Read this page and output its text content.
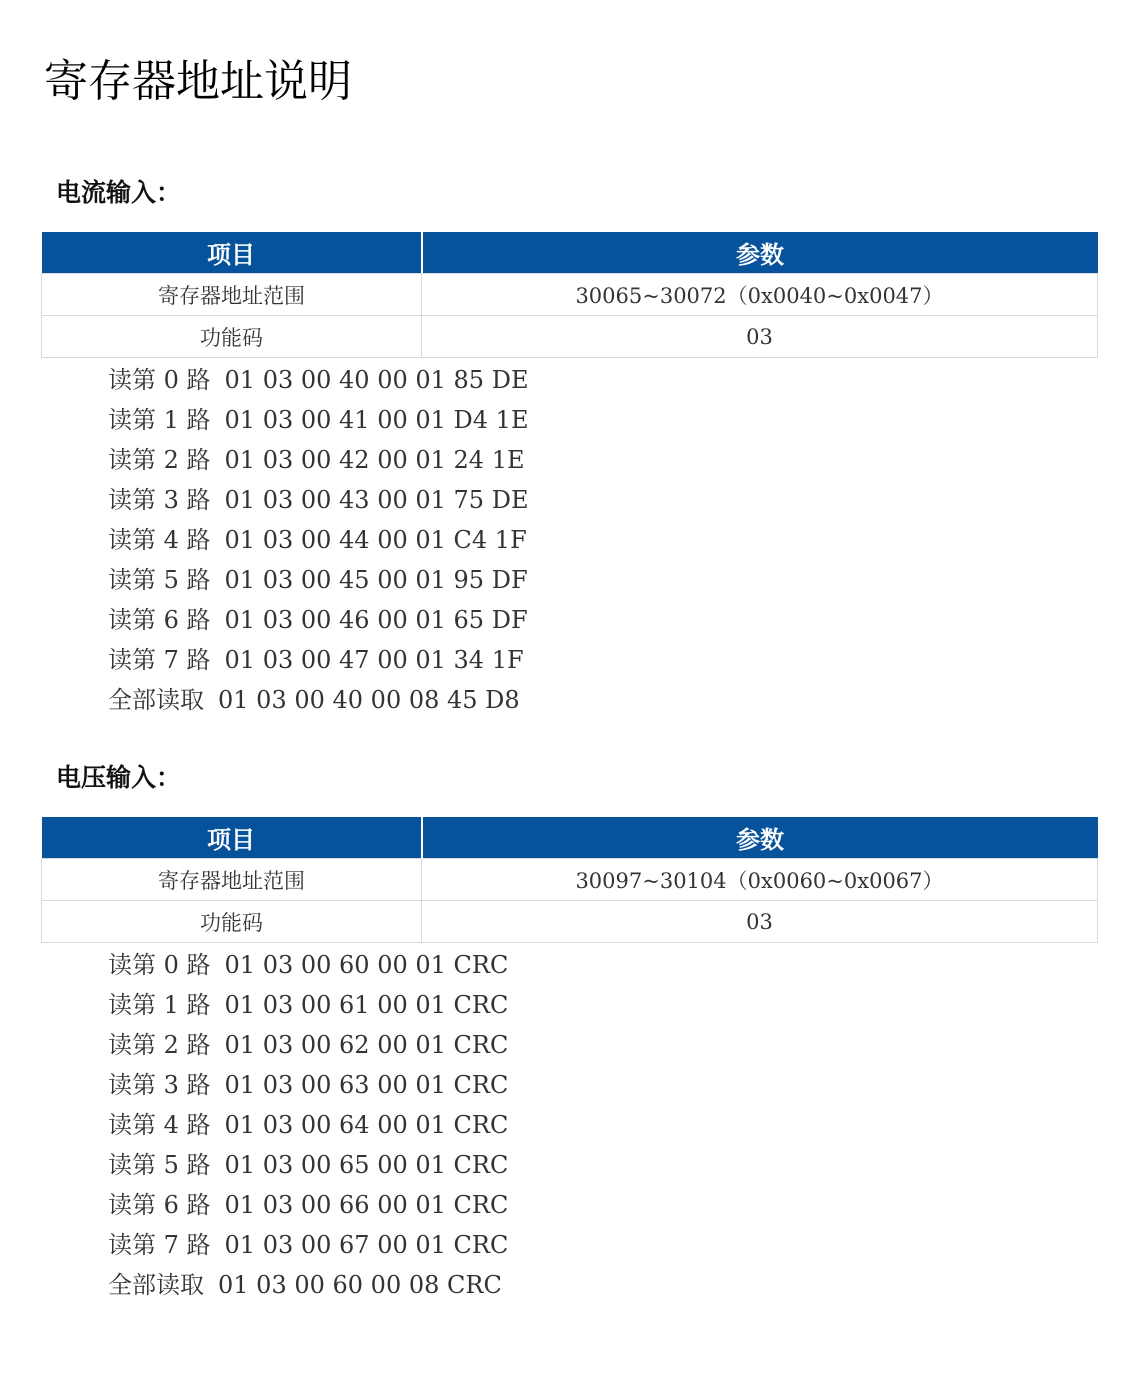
寄存器地址说明
电流输入：
项目	参数
寄存器地址范围	30065~30072（0x0040~0x0047）
功能码	03
读第 0 路 01 03 00 40 00 01 85 DE
读第 1 路 01 03 00 41 00 01 D4 1E
读第 2 路 01 03 00 42 00 01 24 1E
读第 3 路 01 03 00 43 00 01 75 DE
读第 4 路 01 03 00 44 00 01 C4 1F
读第 5 路 01 03 00 45 00 01 95 DF
读第 6 路 01 03 00 46 00 01 65 DF
读第 7 路 01 03 00 47 00 01 34 1F
全部读取 01 03 00 40 00 08 45 D8
电压输入：
项目	参数
寄存器地址范围	30097~30104（0x0060~0x0067）
功能码	03
读第 0 路 01 03 00 60 00 01 CRC
读第 1 路 01 03 00 61 00 01 CRC
读第 2 路 01 03 00 62 00 01 CRC
读第 3 路 01 03 00 63 00 01 CRC
读第 4 路 01 03 00 64 00 01 CRC
读第 5 路 01 03 00 65 00 01 CRC
读第 6 路 01 03 00 66 00 01 CRC
读第 7 路 01 03 00 67 00 01 CRC
全部读取 01 03 00 60 00 08 CRC
